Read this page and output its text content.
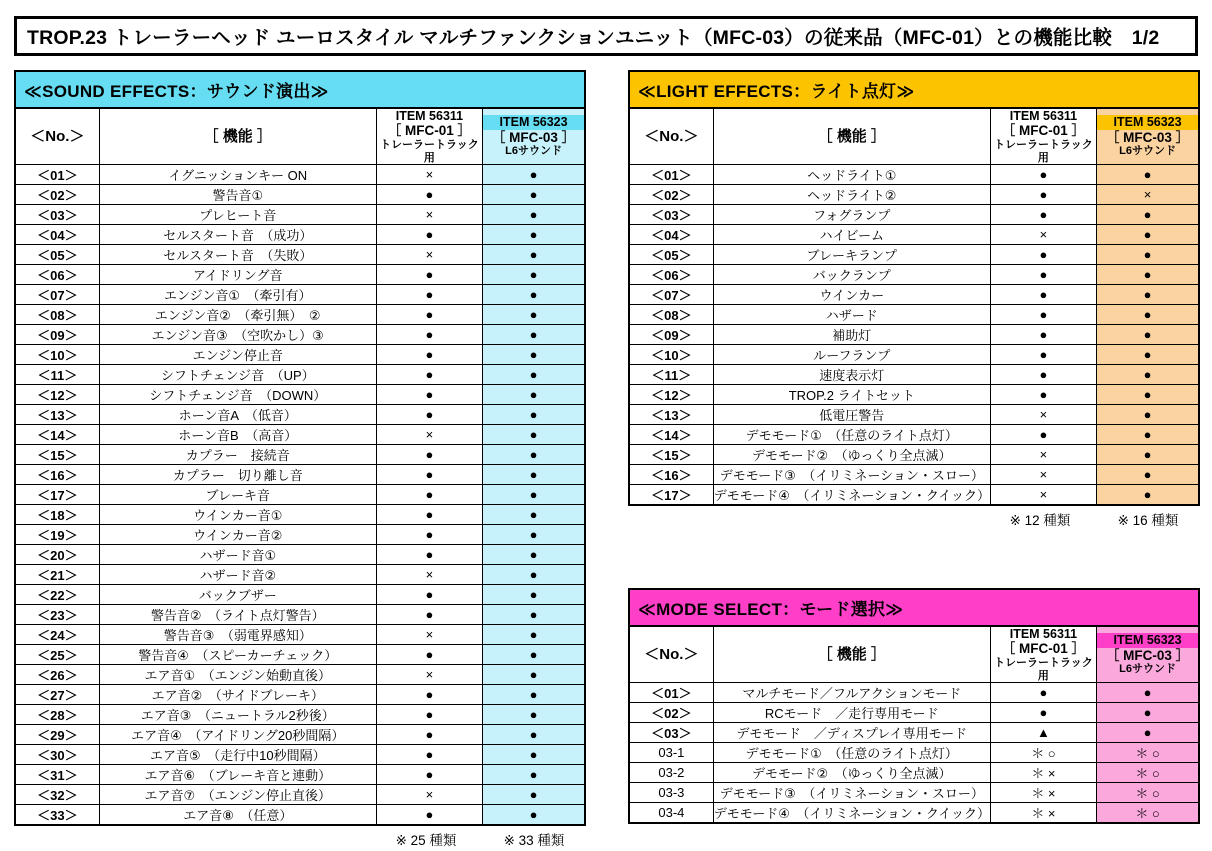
TROP.23 トレーラーヘッド ユーロスタイル マルチファンクションユニット（MFC-03）の従来品（MFC-01）との機能比較　1/2
≪SOUND EFFECTS：サウンド演出≫
＜No.＞	［ 機能 ］	
ITEM 56311
［ MFC-01 ］
トレーラートラック用

ITEM 56323
［ MFC-03 ］
L6サウンド

＜01＞	イグニッションキー ON	×	●
＜02＞	警告音①	●	●
＜03＞	プレヒート音	×	●
＜04＞	セルスタート音　（成功）	●	●
＜05＞	セルスタート音　（失敗）	×	●
＜06＞	アイドリング音	●	●
＜07＞	エンジン音①　（牽引有）	●	●
＜08＞	エンジン音②　（牽引無）　②	●	●
＜09＞	エンジン音③　（空吹かし）③	●	●
＜10＞	エンジン停止音	●	●
＜11＞	シフトチェンジ音　（UP）	●	●
＜12＞	シフトチェンジ音　（DOWN）	●	●
＜13＞	ホーン音A　（低音）	●	●
＜14＞	ホーン音B　（高音）	×	●
＜15＞	カプラー　接続音	●	●
＜16＞	カプラー　切り離し音	●	●
＜17＞	ブレーキ音	●	●
＜18＞	ウインカー音①	●	●
＜19＞	ウインカー音②	●	●
＜20＞	ハザード音①	●	●
＜21＞	ハザード音②	×	●
＜22＞	バックブザー	●	●
＜23＞	警告音②　（ライト点灯警告）	●	●
＜24＞	警告音③　（弱電界感知）	×	●
＜25＞	警告音④　（スピーカーチェック）	●	●
＜26＞	エア音①　（エンジン始動直後）	×	●
＜27＞	エア音②　（サイドブレーキ）	●	●
＜28＞	エア音③　（ニュートラル2秒後）	●	●
＜29＞	エア音④　（アイドリング20秒間隔）	●	●
＜30＞	エア音⑤　（走行中10秒間隔）	●	●
＜31＞	エア音⑥　（ブレーキ音と連動）	●	●
＜32＞	エア音⑦　（エンジン停止直後）	×	●
＜33＞	エア音⑧　（任意）	●	●
※ 25 種類	※ 33 種類
≪LIGHT EFFECTS：ライト点灯≫
＜No.＞	［ 機能 ］	
ITEM 56311
［ MFC-01 ］
トレーラートラック用

ITEM 56323
［ MFC-03 ］
L6サウンド

＜01＞	ヘッドライト①	●	●
＜02＞	ヘッドライト②	●	×
＜03＞	フォグランプ	●	●
＜04＞	ハイビーム	×	●
＜05＞	ブレーキランプ	●	●
＜06＞	バックランプ	●	●
＜07＞	ウインカー	●	●
＜08＞	ハザード	●	●
＜09＞	補助灯	●	●
＜10＞	ルーフランプ	●	●
＜11＞	速度表示灯	●	●
＜12＞	TROP.2 ライトセット	●	●
＜13＞	低電圧警告	×	●
＜14＞	デモモード①　（任意のライト点灯）	●	●
＜15＞	デモモード②　（ゆっくり全点滅）	×	●
＜16＞	デモモード③　（イリミネーション・スロー）	×	●
＜17＞	デモモード④　（イリミネーション・クイック）	×	●
※ 12 種類	※ 16 種類
≪MODE SELECT：モード選択≫
＜No.＞	［ 機能 ］	
ITEM 56311
［ MFC-01 ］
トレーラートラック用

ITEM 56323
［ MFC-03 ］
L6サウンド

＜01＞	マルチモード／フルアクションモード	●	●
＜02＞	RCモード　／走行専用モード	●	●
＜03＞	デモモード　／ディスプレイ専用モード	▲	●
03-1	デモモード①　（任意のライト点灯）	＊ ○	＊ ○
03-2	デモモード②　（ゆっくり全点滅）	＊ ×	＊ ○
03-3	デモモード③　（イリミネーション・スロー）	＊ ×	＊ ○
03-4	デモモード④　（イリミネーション・クイック）	＊ ×	＊ ○
